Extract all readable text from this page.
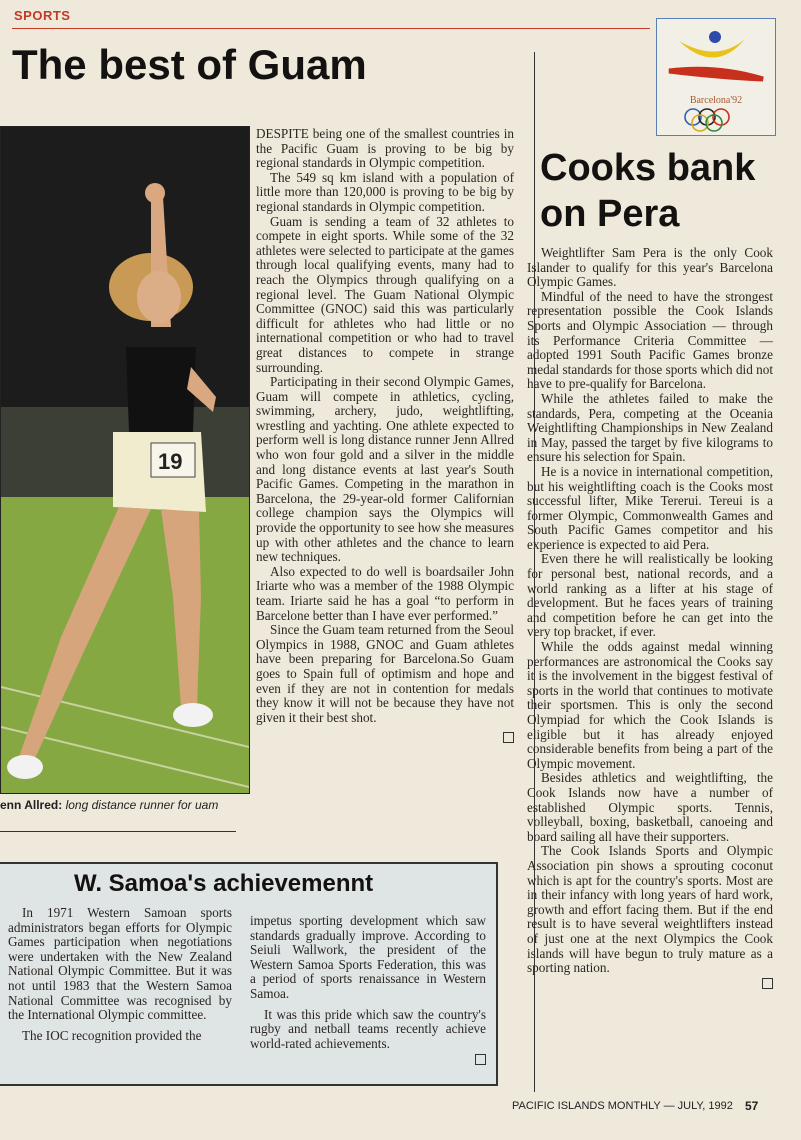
SPORTS
The best of Guam
19
enn Allred: long distance runner for uam

DESPITE being one of the smallest countries in the Pacific Guam is proving to be big by regional standards in Olympic competition.

The 549 sq km island with a population of little more than 120,000 is proving to be big by regional standards in Olympic competition.

Guam is sending a team of 32 athletes to compete in eight sports. While some of the 32 athletes were selected to participate at the games through local qualifying events, many had to reach the Olympics through qualifying on a regional level. The Guam National Olympic Committee (GNOC) said this was particularly difficult for athletes who had little or no international competition or who had to travel great distances to compete in strange surrounding.

Participating in their second Olympic Games, Guam will compete in athletics, cycling, swimming, archery, judo, weightlifting, wrestling and yachting. One athlete expected to perform well is long distance runner Jenn Allred who won four gold and a silver in the middle and long distance events at last year's South Pacific Games. Competing in the marathon in Barcelona, the 29-year-old former Californian college champion says the Olympics will provide the opportunity to see how she measures up with other athletes and the chance to learn new techniques.

Also expected to do well is boardsailer John Iriarte who was a member of the 1988 Olympic team. Iriarte said he has a goal “to perform in Barcelone better than I have ever performed.”

Since the Guam team returned from the Seoul Olympics in 1988, GNOC and Guam athletes have been preparing for Barcelona.So Guam goes to Spain full of optimism and hope and even if they are not in contention for medals they know it will not be because they have not given it their best shot.

Barcelona'92
Cooks bank on Pera

Weightlifter Sam Pera is the only Cook Islander to qualify for this year's Barcelona Olympic Games.

Mindful of the need to have the strongest representation possible the Cook Islands Sports and Olympic Association — through its Performance Criteria Committee — adopted 1991 South Pacific Games bronze medal standards for those sports which did not have to pre-qualify for Barcelona.

While the athletes failed to make the standards, Pera, competing at the Oceania Weightlifting Championships in New Zealand in May, passed the target by five kilograms to ensure his selection for Spain.

He is a novice in international competition, but his weightlifting coach is the Cooks most successful lifter, Mike Tererui. Tereui is a former Olympic, Commonwealth Games and South Pacific Games competitor and his experience is expected to aid Pera.

Even there he will realistically be looking for personal best, national records, and a world ranking as a lifter at his stage of development. But he faces years of training and competition before he can get into the very top bracket, if ever.

While the odds against medal winning performances are astronomical the Cooks say it is the involvement in the biggest festival of sports in the world that continues to motivate their sportsmen. This is only the second Olympiad for which the Cook Islands is eligible but it has already enjoyed considerable benefits from being a part of the Olympic movement.

Besides athletics and weightlifting, the Cook Islands now have a number of established Olympic sports. Tennis, volleyball, boxing, basketball, canoeing and board sailing all have their supporters.

The Cook Islands Sports and Olympic Association pin shows a sprouting coconut which is apt for the country's sports. Most are in their infancy with long years of hard work, growth and effort facing them. But if the end result is to have several weightlifters instead of just one at the next Olympics the Cook islands will have begun to truly mature as a sporting nation.

W. Samoa's achievemennt

In 1971 Western Samoan sports administrators began efforts for Olympic Games participation when negotiations were undertaken with the New Zealand National Olympic Committee. But it was not until 1983 that the Western Samoa National Committee was recognised by the International Olympic committee.

The IOC recognition provided the

impetus sporting development which saw standards gradually improve. According to Seiuli Wallwork, the president of the Western Samoa Sports Federation, this was a period of sports renaissance in Western Samoa.

It was this pride which saw the country's rugby and netball teams recently achieve world-rated achievements.

PACIFIC ISLANDS MONTHLY — JULY, 1992 57
